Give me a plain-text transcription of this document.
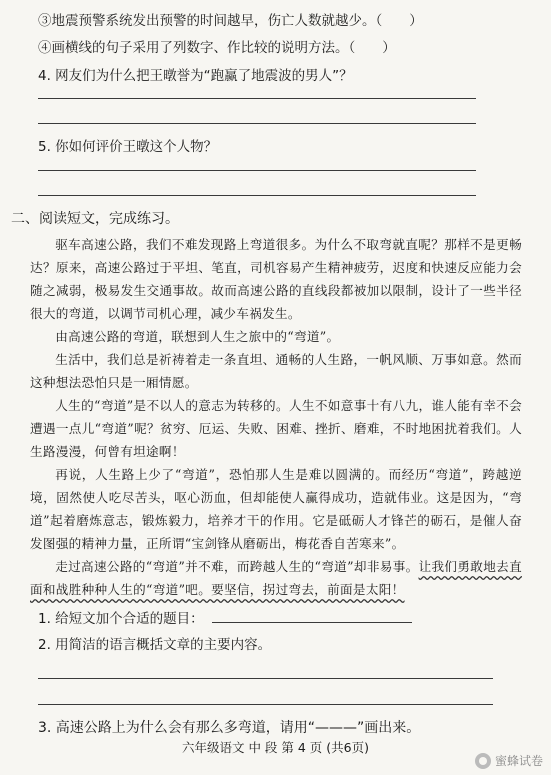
③地震预警系统发出预警的时间越早，伤亡人数就越少。（　　）
④画横线的句子采用了列数字、作比较的说明方法。（　　）
4. 网友们为什么把王暾誉为“跑赢了地震波的男人”？
5. 你如何评价王暾这个人物？
二、阅读短文，完成练习。

驱车高速公路，我们不难发现路上弯道很多。为什么不取弯就直呢？那样不是更畅达？原来，高速公路过于平坦、笔直，司机容易产生精神疲劳，迟度和快速反应能力会随之减弱，极易发生交通事故。故而高速公路的直线段都被加以限制，设计了一些半径很大的弯道，以调节司机心理，减少车祸发生。

由高速公路的弯道，联想到人生之旅中的“弯道”。

生活中，我们总是祈祷着走一条直坦、通畅的人生路，一帆风顺、万事如意。然而这种想法恐怕只是一厢情愿。

人生的“弯道”是不以人的意志为转移的。人生不如意事十有八九，谁人能有幸不会遭遇一点儿“弯道”呢？贫穷、厄运、失败、困难、挫折、磨难，不时地困扰着我们。人生路漫漫，何曾有坦途啊！

再说，人生路上少了“弯道”，恐怕那人生是难以圆满的。而经历“弯道”，跨越逆境，固然使人吃尽苦头，呕心沥血，但却能使人赢得成功，造就伟业。这是因为，“弯道”起着磨炼意志，锻炼毅力，培养才干的作用。它是砥砺人才锋芒的砺石，是催人奋发图强的精神力量，正所谓“宝剑锋从磨砺出，梅花香自苦寒来”。

走过高速公路的“弯道”并不难，而跨越人生的“弯道”却非易事。让我们勇敢地去直面和战胜种种人生的“弯道”吧。要坚信，拐过弯去，前面是太阳！

1. 给短文加个合适的题目：
2. 用简洁的语言概括文章的主要内容。
3. 高速公路上为什么会有那么多弯道，请用“———”画出来。
六年级语文 中 段 第 4 页 (共6页)
蜜蜂试卷
